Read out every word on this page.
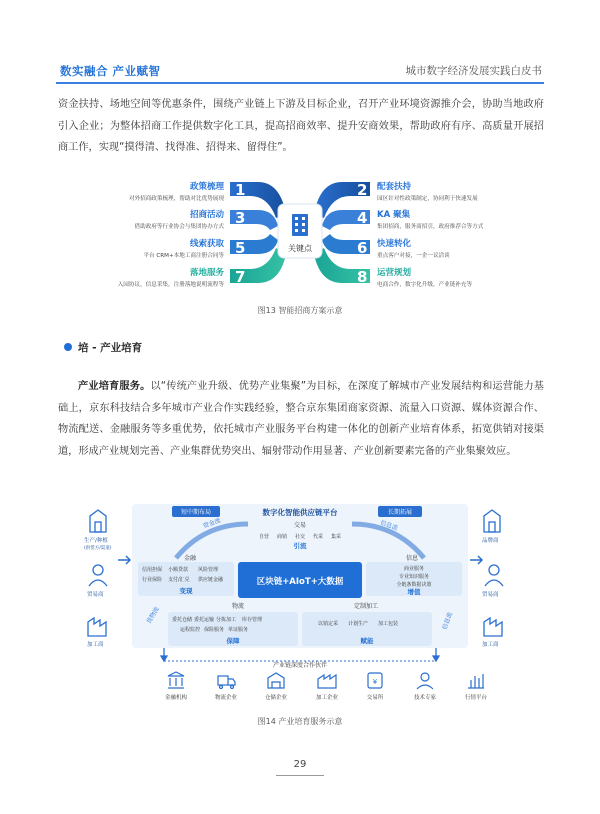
数实融合 产业赋智	城市数字经济发展实践白皮书

资金扶持、场地空间等优惠条件，围绕产业链上下游及目标企业，召开产业环境资源推介会，协助当地政府引入企业；为整体招商工作提供数字化工具，提高招商效率、提升安商效果，帮助政府有序、高质量开展招商工作，实现“摸得清、找得准、招得来、留得住”。

关键点
1
3
5
7
2
4
6
8
政策梳理
对外招商政策梳理，帮助对比优势展现
招商活动
借助政府等行业协会与集团协办方式
线索获取
平台 CRM+本地工商注册合同等
落地服务
入园协议，信息采集，注册落地说明流程等
配套扶持
园区针对性政策制定，协同利于快速发展
KA 聚集
集团招商，服务商招引，政府推荐合等方式
快速转化
重点客户对接，一企一议洽谈
运营规划
电商合作，数字化升级，产业链补充等
图13 智能招商方案示意
培 - 产业培育

产业培育服务。以“传统产业升级、优势产业集聚”为目标，在深度了解城市产业发展结构和运营能力基础上，京东科技结合多年城市产业合作实践经验，整合京东集团商家资源、流量入口资源、媒体资源合作、物流配送、金融服务等多重优势，依托城市产业服务平台构建一体化的创新产业培育体系，拓宽供销对接渠道，形成产业规划完善、产业集群优势突出、辐射带动作用显著、产业创新要素完备的产业集聚效应。

生产/种植
(供货方/渠道)
贸易商
加工商
品牌商
贸易商
加工商
短中期布局	长期拓展
数字化智能供应链平台
资金流	信息流
金融	信息
交易
自营 商销 社交 代采 集采
引流
信用担保 小额贷款 风险管理
行业保险 支付/汇兑 供应链金融
变现
区块链+AIoT+大数据
商业服务
专业知识服务
全链条数据决策
增值
物流	定制加工
货物流	信息流
委托仓储 委托运输 分拣加工 库存管理
运程监控 保险服务 单证服务
保障
以销定采 计划生产 加工包装
赋能
产业链深度合作伙伴
¥
金融机构	物流企业	仓储企业	加工企业	交易所	技术专家	行情平台
图14 产业培育服务示意
29
